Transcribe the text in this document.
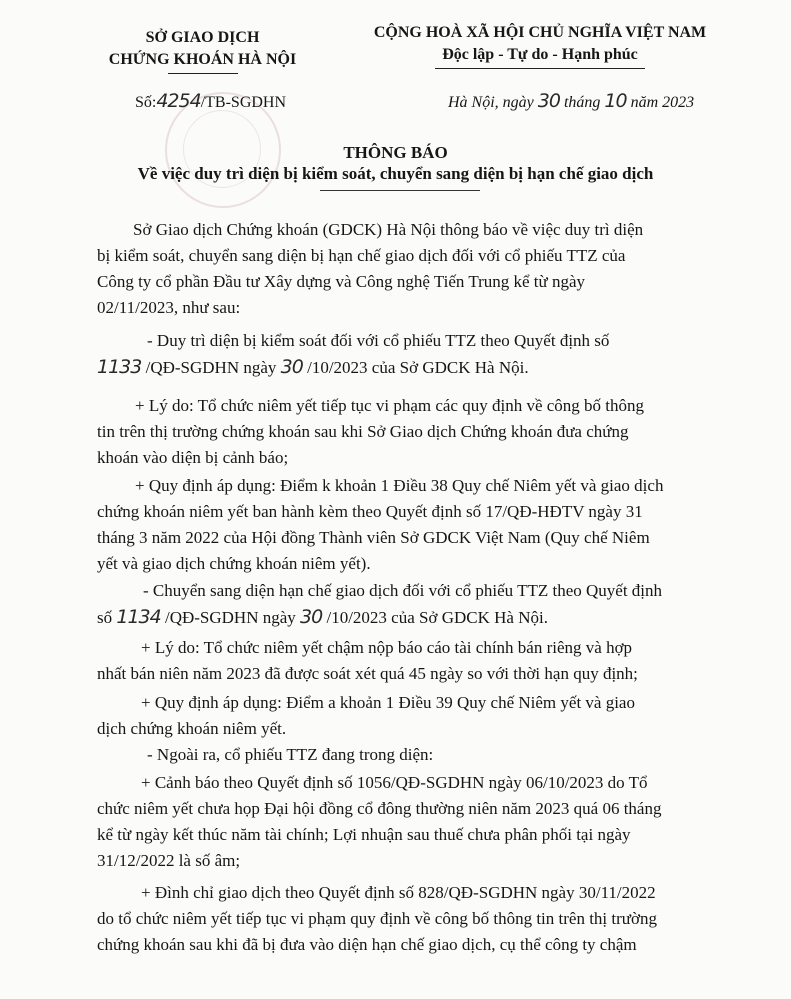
SỞ GIAO DỊCH
CHỨNG KHOÁN HÀ NỘI
CỘNG HOÀ XÃ HỘI CHỦ NGHĨA VIỆT NAM
Độc lập - Tự do - Hạnh phúc
Số:4254/TB-SGDHN	Hà Nội, ngày 30 tháng 10 năm 2023
THÔNG BÁO
Về việc duy trì diện bị kiểm soát, chuyển sang diện bị hạn chế giao dịch
Sở Giao dịch Chứng khoán (GDCK) Hà Nội thông báo về việc duy trì diện
bị kiểm soát, chuyển sang diện bị hạn chế giao dịch đối với cổ phiếu TTZ của
Công ty cổ phần Đầu tư Xây dựng và Công nghệ Tiến Trung kể từ ngày
02/11/2023, như sau:
- Duy trì diện bị kiểm soát đối với cổ phiếu TTZ theo Quyết định số
1133 /QĐ-SGDHN ngày 30 /10/2023 của Sở GDCK Hà Nội.
+ Lý do: Tổ chức niêm yết tiếp tục vi phạm các quy định về công bố thông
tin trên thị trường chứng khoán sau khi Sở Giao dịch Chứng khoán đưa chứng
khoán vào diện bị cảnh báo;
+ Quy định áp dụng: Điểm k khoản 1 Điều 38 Quy chế Niêm yết và giao dịch
chứng khoán niêm yết ban hành kèm theo Quyết định số 17/QĐ-HĐTV ngày 31
tháng 3 năm 2022 của Hội đồng Thành viên Sở GDCK Việt Nam (Quy chế Niêm
yết và giao dịch chứng khoán niêm yết).
- Chuyển sang diện hạn chế giao dịch đối với cổ phiếu TTZ theo Quyết định
số 1134 /QĐ-SGDHN ngày 30 /10/2023 của Sở GDCK Hà Nội.
+ Lý do: Tổ chức niêm yết chậm nộp báo cáo tài chính bán riêng và hợp
nhất bán niên năm 2023 đã được soát xét quá 45 ngày so với thời hạn quy định;
+ Quy định áp dụng: Điểm a khoản 1 Điều 39 Quy chế Niêm yết và giao
dịch chứng khoán niêm yết.
- Ngoài ra, cổ phiếu TTZ đang trong diện:
+ Cảnh báo theo Quyết định số 1056/QĐ-SGDHN ngày 06/10/2023 do Tổ
chức niêm yết chưa họp Đại hội đồng cổ đông thường niên năm 2023 quá 06 tháng
kể từ ngày kết thúc năm tài chính; Lợi nhuận sau thuế chưa phân phối tại ngày
31/12/2022 là số âm;
+ Đình chỉ giao dịch theo Quyết định số 828/QĐ-SGDHN ngày 30/11/2022
do tổ chức niêm yết tiếp tục vi phạm quy định về công bố thông tin trên thị trường
chứng khoán sau khi đã bị đưa vào diện hạn chế giao dịch, cụ thể công ty chậm
